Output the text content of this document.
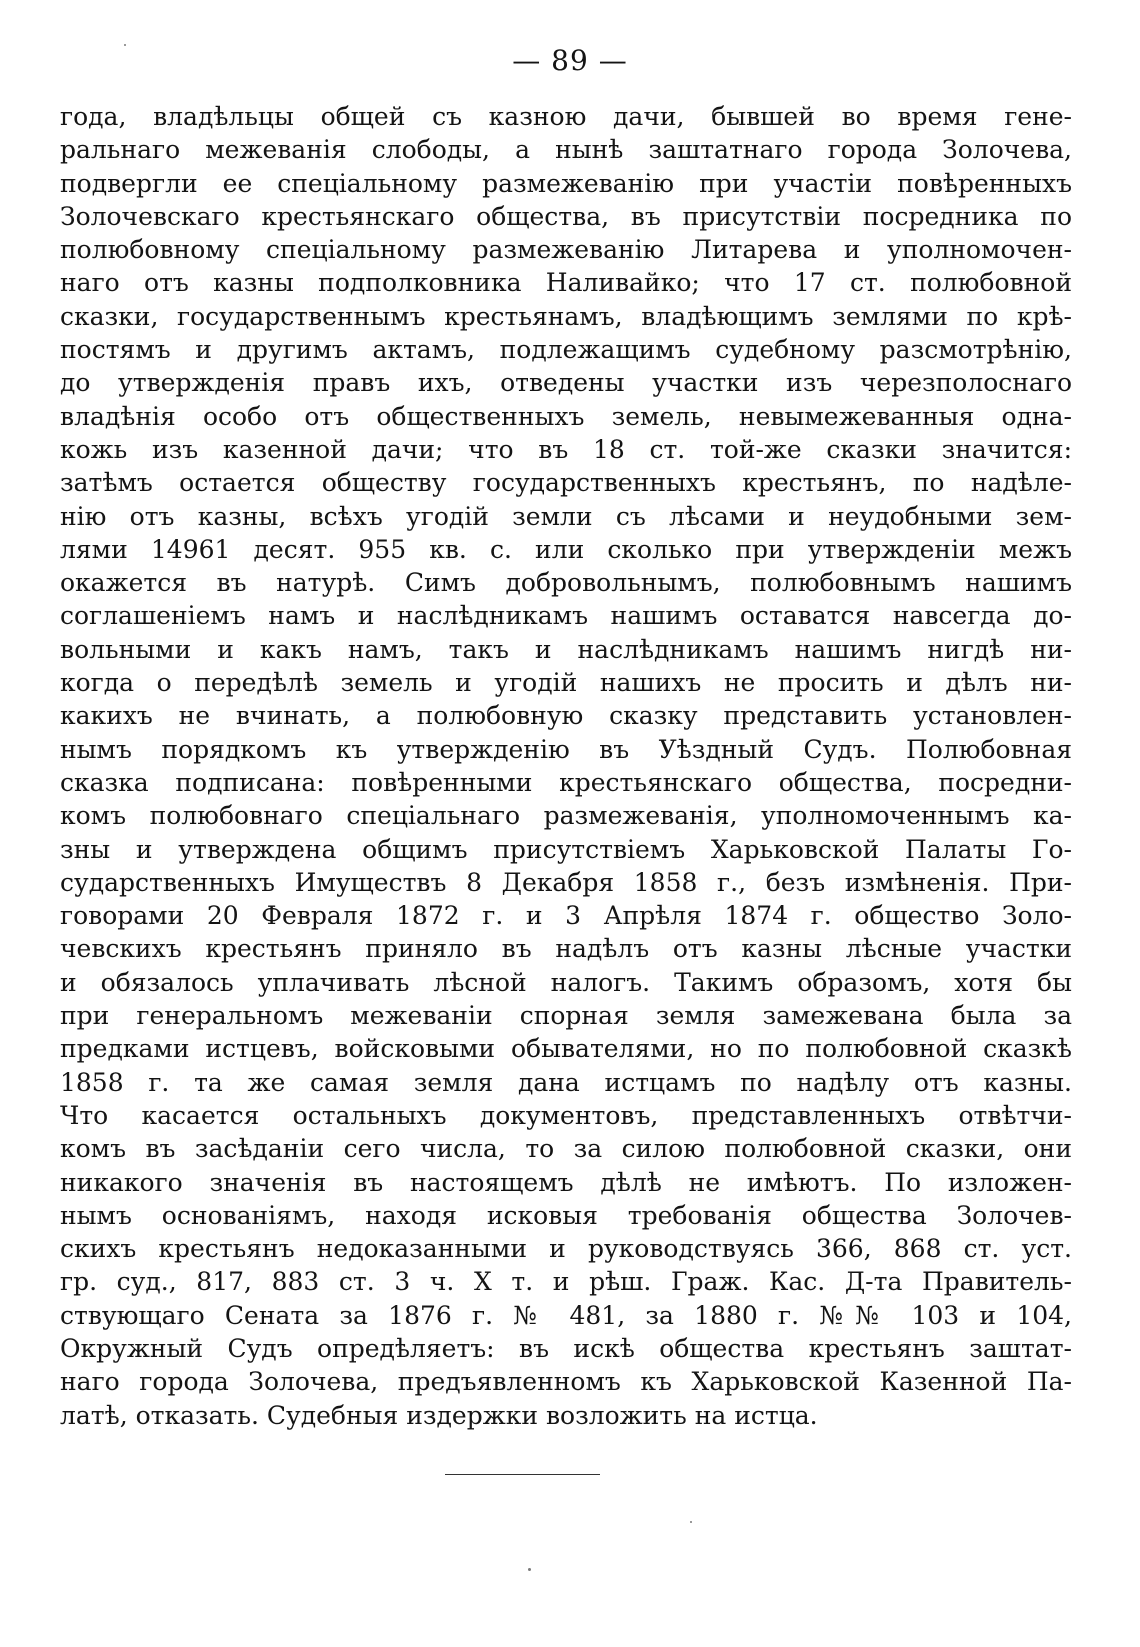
— 89 —
года, владѣльцы общей съ казною дачи, бывшей во время гене-
ральнаго межеванія слободы, а нынѣ заштатнаго города Золочева,
подвергли ее спеціальному размежеванію при участіи повѣренныхъ
Золочевскаго крестьянскаго общества, въ присутствіи посредника по
полюбовному спеціальному размежеванію Литарева и уполномочен-
наго отъ казны подполковника Наливайко; что 17 ст. полюбовной
сказки, государственнымъ крестьянамъ, владѣющимъ землями по крѣ-
постямъ и другимъ актамъ, подлежащимъ судебному разсмотрѣнію,
до утвержденія правъ ихъ, отведены участки изъ черезполоснаго
владѣнія особо отъ общественныхъ земель, невымежеванныя одна-
кожь изъ казенной дачи; что въ 18 ст. той-же сказки значится:
затѣмъ остается обществу государственныхъ крестьянъ, по надѣле-
нію отъ казны, всѣхъ угодій земли съ лѣсами и неудобными зем-
лями 14961 десят. 955 кв. с. или сколько при утвержденіи межъ
окажется въ натурѣ. Симъ добровольнымъ, полюбовнымъ нашимъ
соглашеніемъ намъ и наслѣдникамъ нашимъ оставатся навсегда до-
вольными и какъ намъ, такъ и наслѣдникамъ нашимъ нигдѣ ни-
когда о передѣлѣ земель и угодій нашихъ не просить и дѣлъ ни-
какихъ не вчинать, а полюбовную сказку представить установлен-
нымъ порядкомъ къ утвержденію въ Уѣздный Судъ. Полюбовная
сказка подписана: повѣренными крестьянскаго общества, посредни-
комъ полюбовнаго спеціальнаго размежеванія, уполномоченнымъ ка-
зны и утверждена общимъ присутствіемъ Харьковской Палаты Го-
сударственныхъ Имуществъ 8 Декабря 1858 г., безъ измѣненія. При-
говорами 20 Февраля 1872 г. и 3 Апрѣля 1874 г. общество Золо-
чевскихъ крестьянъ приняло въ надѣлъ отъ казны лѣсные участки
и обязалось уплачивать лѣсной налогъ. Такимъ образомъ, хотя бы
при генеральномъ межеваніи спорная земля замежевана была за
предками истцевъ, войсковыми обывателями, но по полюбовной сказкѣ
1858 г. та же самая земля дана истцамъ по надѣлу отъ казны.
Что касается остальныхъ документовъ, представленныхъ отвѣтчи-
комъ въ засѣданіи сего числа, то за силою полюбовной сказки, они
никакого значенія въ настоящемъ дѣлѣ не имѣютъ. По изложен-
нымъ основаніямъ, находя исковыя требованія общества Золочев-
скихъ крестьянъ недоказанными и руководствуясь 366, 868 ст. уст.
гр. суд., 817, 883 ст. 3 ч. X т. и рѣш. Граж. Кас. Д-та Правитель-
ствующаго Сената за 1876 г. № 481, за 1880 г. №№ 103 и 104,
Окружный Судъ опредѣляетъ: въ искѣ общества крестьянъ заштат-
наго города Золочева, предъявленномъ къ Харьковской Казенной Па-
латѣ, отказать. Судебныя издержки возложить на истца.
